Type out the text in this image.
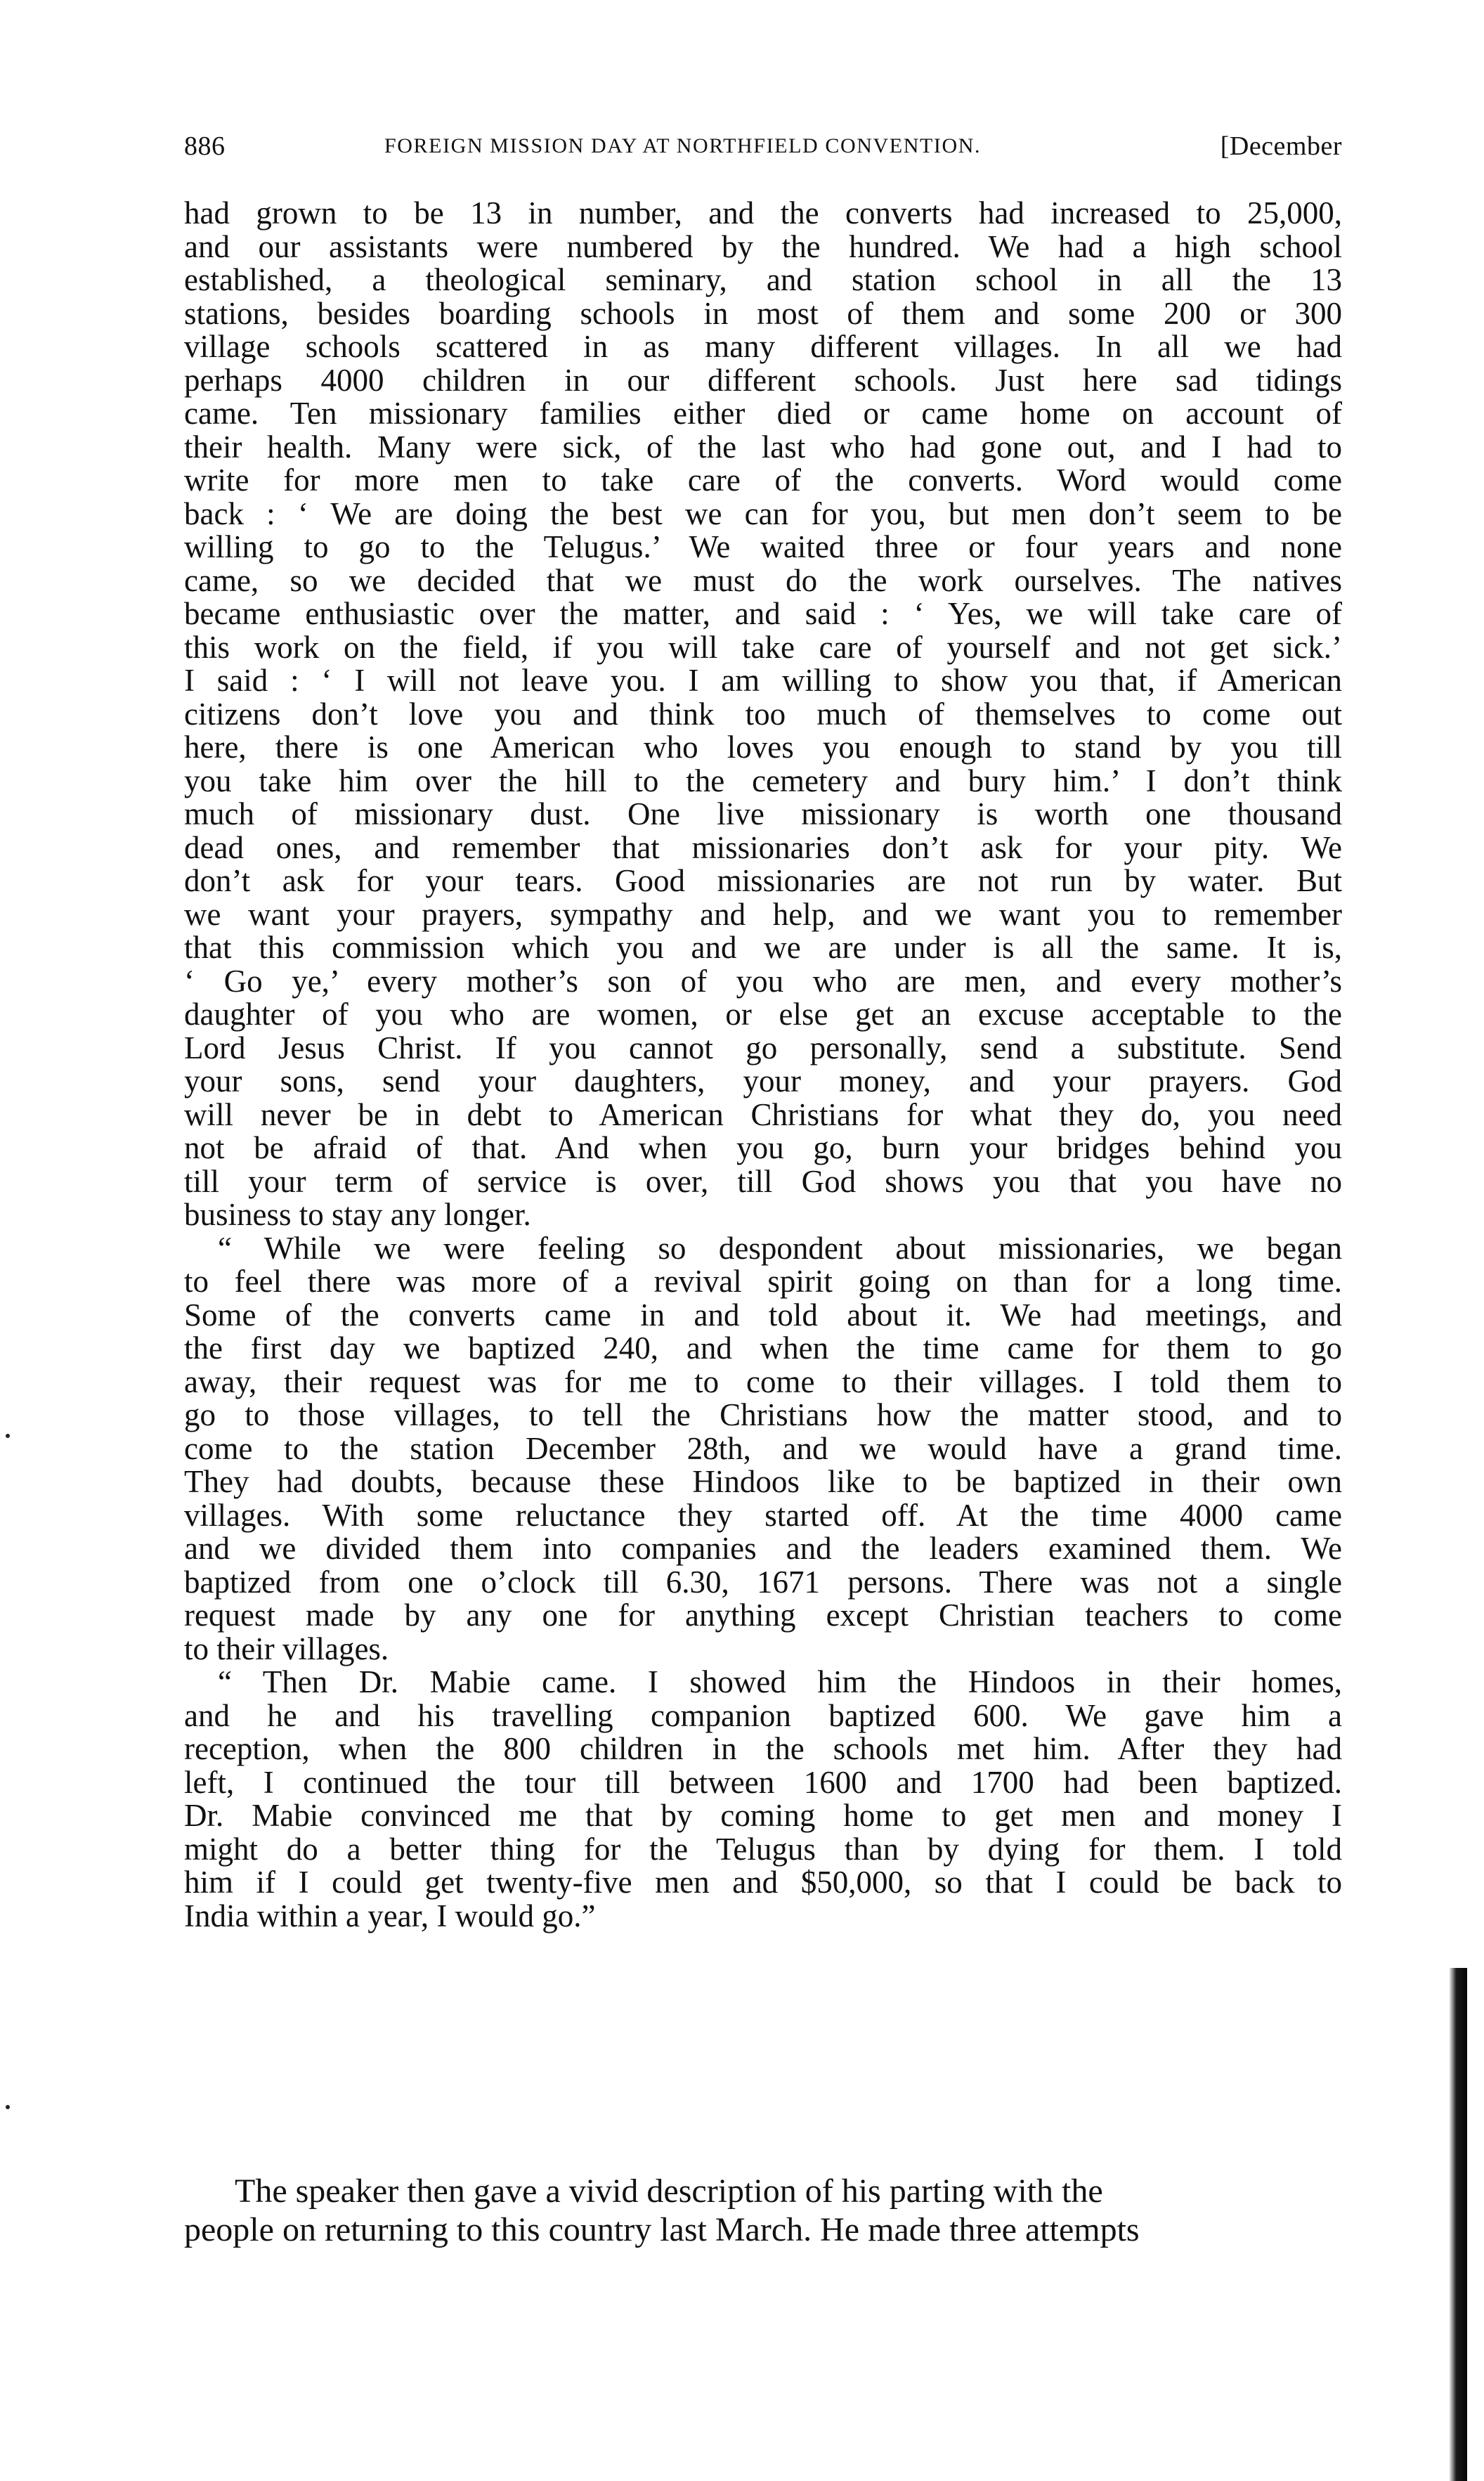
886	FOREIGN MISSION DAY AT NORTHFIELD CONVENTION.	[December

had grown to be 13 in number, and the converts had increased to 25,000,

and our assistants were numbered by the hundred. We had a high school

established, a theological seminary, and station school in all the 13

stations, besides boarding schools in most of them and some 200 or 300

village schools scattered in as many different villages. In all we had

perhaps 4000 children in our different schools. Just here sad tidings

came. Ten missionary families either died or came home on account of

their health. Many were sick, of the last who had gone out, and I had to

write for more men to take care of the converts. Word would come

back : ‘ We are doing the best we can for you, but men don’t seem to be

willing to go to the Telugus.’ We waited three or four years and none

came, so we decided that we must do the work ourselves. The natives

became enthusiastic over the matter, and said : ‘ Yes, we will take care of

this work on the field, if you will take care of yourself and not get sick.’

I said : ‘ I will not leave you. I am willing to show you that, if American

citizens don’t love you and think too much of themselves to come out

here, there is one American who loves you enough to stand by you till

you take him over the hill to the cemetery and bury him.’ I don’t think

much of missionary dust. One live missionary is worth one thousand

dead ones, and remember that missionaries don’t ask for your pity. We

don’t ask for your tears. Good missionaries are not run by water. But

we want your prayers, sympathy and help, and we want you to remember

that this commission which you and we are under is all the same. It is,

‘ Go ye,’ every mother’s son of you who are men, and every mother’s

daughter of you who are women, or else get an excuse acceptable to the

Lord Jesus Christ. If you cannot go personally, send a substitute. Send

your sons, send your daughters, your money, and your prayers. God

will never be in debt to American Christians for what they do, you need

not be afraid of that. And when you go, burn your bridges behind you

till your term of service is over, till God shows you that you have no

business to stay any longer.

“ While we were feeling so despondent about missionaries, we began

to feel there was more of a revival spirit going on than for a long time.

Some of the converts came in and told about it. We had meetings, and

the first day we baptized 240, and when the time came for them to go

away, their request was for me to come to their villages. I told them to

go to those villages, to tell the Christians how the matter stood, and to

come to the station December 28th, and we would have a grand time.

They had doubts, because these Hindoos like to be baptized in their own

villages. With some reluctance they started off. At the time 4000 came

and we divided them into companies and the leaders examined them. We

baptized from one o’clock till 6.30, 1671 persons. There was not a single

request made by any one for anything except Christian teachers to come

to their villages.

“ Then Dr. Mabie came. I showed him the Hindoos in their homes,

and he and his travelling companion baptized 600. We gave him a

reception, when the 800 children in the schools met him. After they had

left, I continued the tour till between 1600 and 1700 had been baptized.

Dr. Mabie convinced me that by coming home to get men and money I

might do a better thing for the Telugus than by dying for them. I told

him if I could get twenty-five men and $50,000, so that I could be back to

India within a year, I would go.”

The speaker then gave a vivid description of his parting with the

people on returning to this country last March. He made three attempts
